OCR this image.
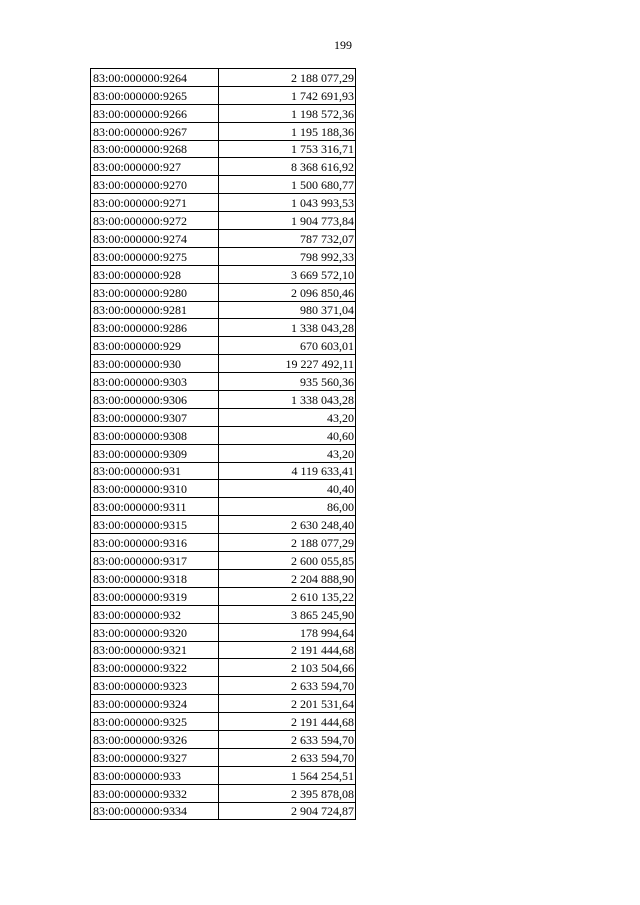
199
83:00:000000:9264	2 188 077,29
83:00:000000:9265	1 742 691,93
83:00:000000:9266	1 198 572,36
83:00:000000:9267	1 195 188,36
83:00:000000:9268	1 753 316,71
83:00:000000:927	8 368 616,92
83:00:000000:9270	1 500 680,77
83:00:000000:9271	1 043 993,53
83:00:000000:9272	1 904 773,84
83:00:000000:9274	787 732,07
83:00:000000:9275	798 992,33
83:00:000000:928	3 669 572,10
83:00:000000:9280	2 096 850,46
83:00:000000:9281	980 371,04
83:00:000000:9286	1 338 043,28
83:00:000000:929	670 603,01
83:00:000000:930	19 227 492,11
83:00:000000:9303	935 560,36
83:00:000000:9306	1 338 043,28
83:00:000000:9307	43,20
83:00:000000:9308	40,60
83:00:000000:9309	43,20
83:00:000000:931	4 119 633,41
83:00:000000:9310	40,40
83:00:000000:9311	86,00
83:00:000000:9315	2 630 248,40
83:00:000000:9316	2 188 077,29
83:00:000000:9317	2 600 055,85
83:00:000000:9318	2 204 888,90
83:00:000000:9319	2 610 135,22
83:00:000000:932	3 865 245,90
83:00:000000:9320	178 994,64
83:00:000000:9321	2 191 444,68
83:00:000000:9322	2 103 504,66
83:00:000000:9323	2 633 594,70
83:00:000000:9324	2 201 531,64
83:00:000000:9325	2 191 444,68
83:00:000000:9326	2 633 594,70
83:00:000000:9327	2 633 594,70
83:00:000000:933	1 564 254,51
83:00:000000:9332	2 395 878,08
83:00:000000:9334	2 904 724,87
